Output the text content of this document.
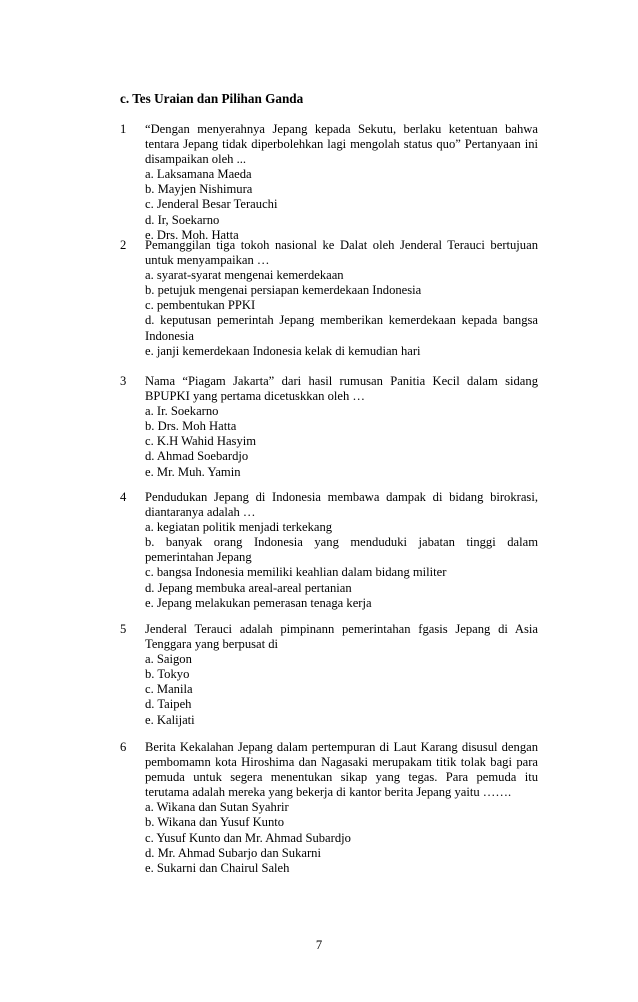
c. Tes Uraian dan Pilihan Ganda
1	“Dengan menyerahnya Jepang kepada Sekutu, berlaku ketentuan bahwa tentara Jepang tidak diperbolehkan lagi mengolah status quo” Pertanyaan ini disampaikan oleh ...
a. Laksamana Maeda
b. Mayjen Nishimura
c. Jenderal Besar Terauchi
d. Ir, Soekarno
e. Drs. Moh. Hatta
2	Pemanggilan tiga tokoh nasional ke Dalat oleh Jenderal Terauci bertujuan untuk menyampaikan …
a. syarat-syarat mengenai kemerdekaan
b. petujuk mengenai persiapan kemerdekaan Indonesia
c. pembentukan PPKI
d. keputusan pemerintah Jepang memberikan kemerdekaan kepada bangsa Indonesia
e. janji kemerdekaan Indonesia kelak di kemudian hari
3	Nama “Piagam Jakarta” dari hasil rumusan Panitia Kecil dalam sidang BPUPKI yang pertama dicetuskkan oleh …
a. Ir. Soekarno
b. Drs. Moh Hatta
c. K.H Wahid Hasyim
d. Ahmad Soebardjo
e. Mr. Muh. Yamin
4	Pendudukan Jepang di Indonesia membawa dampak di bidang birokrasi, diantaranya adalah …
a. kegiatan politik menjadi terkekang
b. banyak orang Indonesia yang menduduki jabatan tinggi dalam pemerintahan Jepang
c. bangsa Indonesia memiliki keahlian dalam bidang militer
d. Jepang membuka areal-areal pertanian
e. Jepang melakukan pemerasan tenaga kerja
5	Jenderal Terauci adalah pimpinann pemerintahan fgasis Jepang di Asia Tenggara yang berpusat di
a. Saigon
b. Tokyo
c. Manila
d. Taipeh
e. Kalijati
6	Berita Kekalahan Jepang dalam pertempuran di Laut Karang disusul dengan pembomamn kota Hiroshima dan Nagasaki merupakam titik tolak bagi para pemuda untuk segera menentukan sikap yang tegas. Para pemuda itu terutama adalah mereka yang bekerja di kantor berita Jepang yaitu …….
a. Wikana dan Sutan Syahrir
b. Wikana dan Yusuf Kunto
c. Yusuf Kunto dan Mr. Ahmad Subardjo
d. Mr. Ahmad Subarjo dan Sukarni
e. Sukarni dan Chairul Saleh
7
